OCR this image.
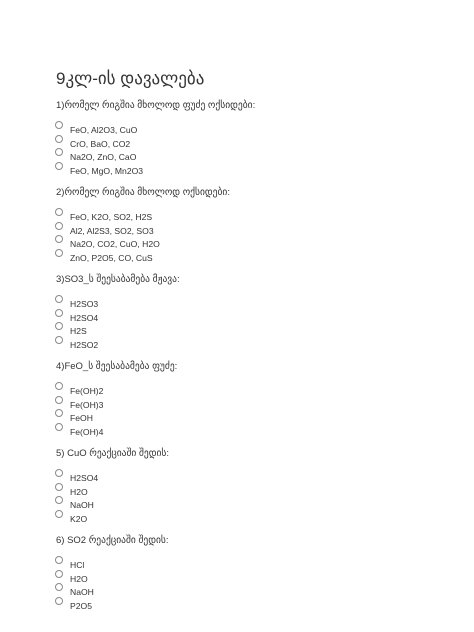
9კლ-ის დავალება
1)რომელ რიგშია მხოლოდ ფუძე ოქსიდები:
FeO, Al2O3, CuO
CrO, BaO, CO2
Na2O, ZnO, CaO
FeO, MgO, Mn2O3
2)რომელ რიგშია მხოლოდ ოქსიდები:
FeO, K2O, SO2, H2S
Al2, Al2S3, SO2, SO3
Na2O, CO2, CuO, H2O
ZnO, P2O5, CO, CuS
3)SO3_ს შეესაბამება მჟავა:
H2SO3
H2SO4
H2S
H2SO2
4)FeO_ს შეესაბამება ფუძე:
Fe(OH)2
Fe(OH)3
FeOH
Fe(OH)4
5) CuO რეაქციაში შედის:
H2SO4
H2O
NaOH
K2O
6) SO2 რეაქციაში შედის:
HCl
H2O
NaOH
P2O5
